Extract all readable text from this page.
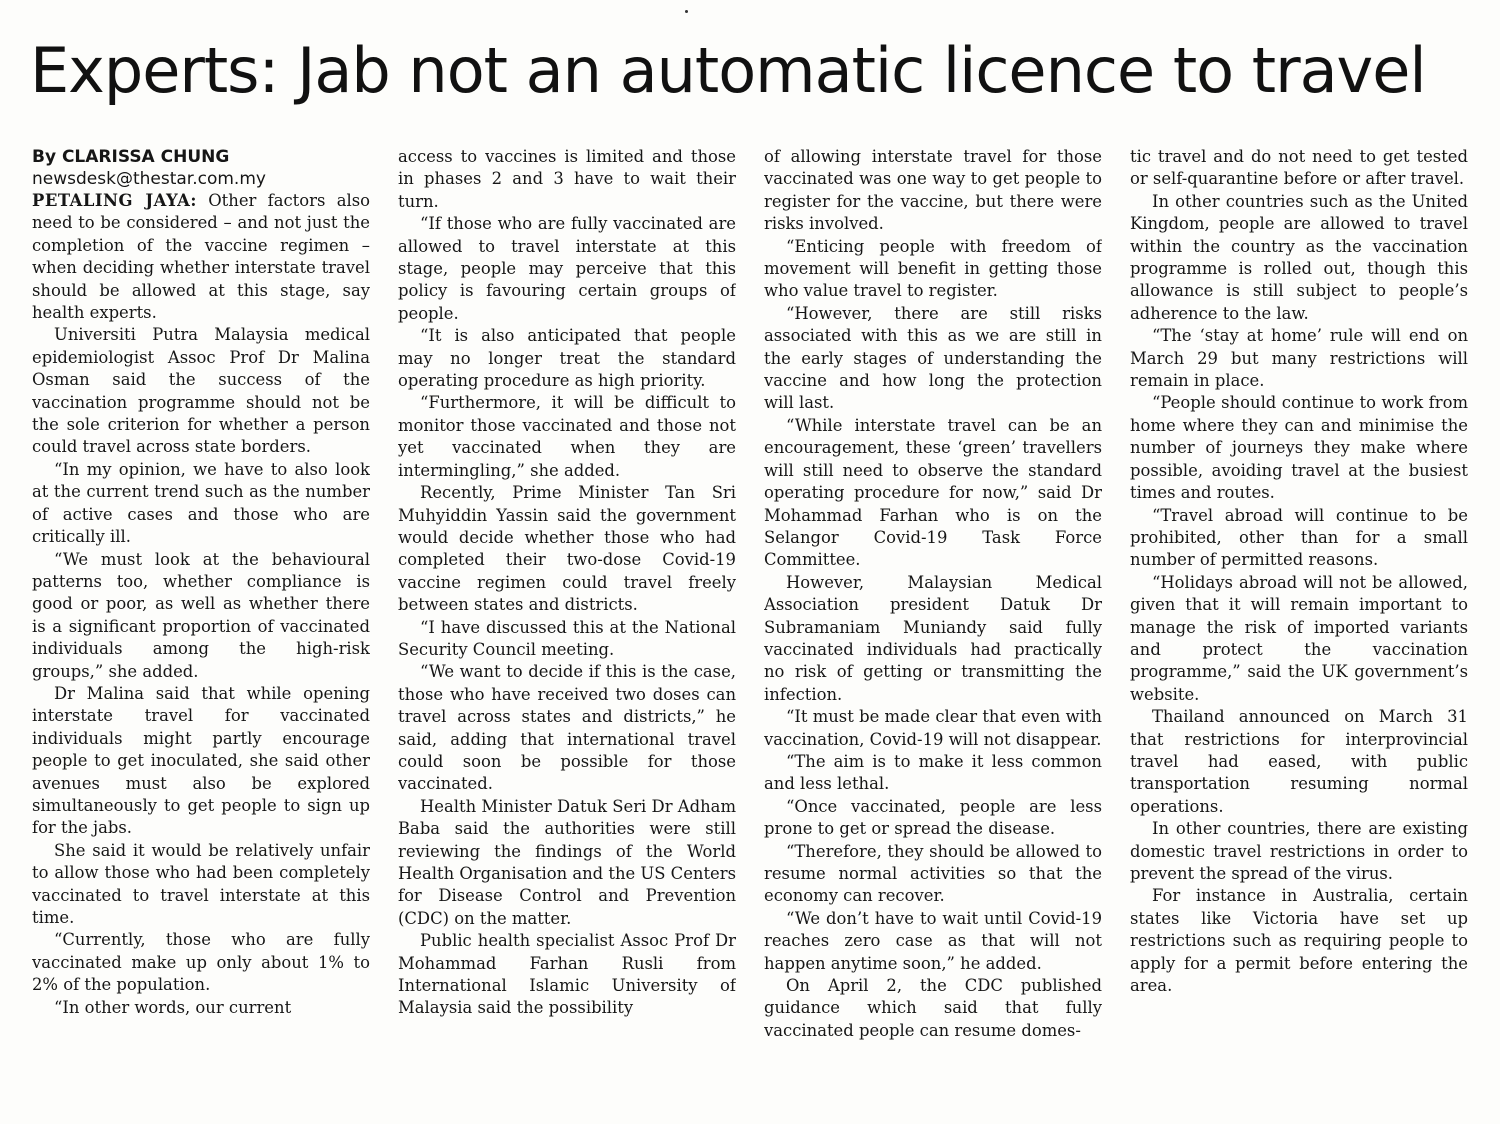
Experts: Jab not an automatic licence to travel
By CLARISSA CHUNG
newsdesk@thestar.com.my

PETALING JAYA: Other factors also need to be considered – and not just the completion of the vaccine regimen – when deciding whether interstate travel should be allowed at this stage, say health experts.

Universiti Putra Malaysia medical epidemiologist Assoc Prof Dr Malina Osman said the success of the vaccination programme should not be the sole criterion for whether a person could travel across state borders.

“In my opinion, we have to also look at the current trend such as the number of active cases and those who are critically ill.

“We must look at the behavioural patterns too, whether compliance is good or poor, as well as whether there is a significant proportion of vaccinated individuals among the high-risk groups,” she added.

Dr Malina said that while opening interstate travel for vaccinated individuals might partly encourage people to get inoculated, she said other avenues must also be explored simultaneously to get people to sign up for the jabs.

She said it would be relatively unfair to allow those who had been completely vaccinated to travel interstate at this time.

“Currently, those who are fully vaccinated make up only about 1% to 2% of the population.

“In other words, our current

access to vaccines is limited and those in phases 2 and 3 have to wait their turn.

“If those who are fully vaccinated are allowed to travel interstate at this stage, people may perceive that this policy is favouring certain groups of people.

“It is also anticipated that people may no longer treat the standard operating procedure as high priority.

“Furthermore, it will be difficult to monitor those vaccinated and those not yet vaccinated when they are intermingling,” she added.

Recently, Prime Minister Tan Sri Muhyiddin Yassin said the government would decide whether those who had completed their two-dose Covid-19 vaccine regimen could travel freely between states and districts.

“I have discussed this at the National Security Council meeting.

“We want to decide if this is the case, those who have received two doses can travel across states and districts,” he said, adding that international travel could soon be possible for those vaccinated.

Health Minister Datuk Seri Dr Adham Baba said the authorities were still reviewing the findings of the World Health Organisation and the US Centers for Disease Control and Prevention (CDC) on the matter.

Public health specialist Assoc Prof Dr Mohammad Farhan Rusli from International Islamic University of Malaysia said the possibility

of allowing interstate travel for those vaccinated was one way to get people to register for the vaccine, but there were risks involved.

“Enticing people with freedom of movement will benefit in getting those who value travel to register.

“However, there are still risks associated with this as we are still in the early stages of understanding the vaccine and how long the protection will last.

“While interstate travel can be an encouragement, these ‘green’ travellers will still need to observe the standard operating procedure for now,” said Dr Mohammad Farhan who is on the Selangor Covid-19 Task Force Committee.

However, Malaysian Medical Association president Datuk Dr Subramaniam Muniandy said fully vaccinated individuals had practically no risk of getting or transmitting the infection.

“It must be made clear that even with vaccination, Covid-19 will not disappear.

“The aim is to make it less common and less lethal.

“Once vaccinated, people are less prone to get or spread the disease.

“Therefore, they should be allowed to resume normal activities so that the economy can recover.

“We don’t have to wait until Covid-19 reaches zero case as that will not happen anytime soon,” he added.

On April 2, the CDC published guidance which said that fully vaccinated people can resume domes-

tic travel and do not need to get tested or self-quarantine before or after travel.

In other countries such as the United Kingdom, people are allowed to travel within the country as the vaccination programme is rolled out, though this allowance is still subject to people’s adherence to the law.

“The ‘stay at home’ rule will end on March 29 but many restrictions will remain in place.

“People should continue to work from home where they can and minimise the number of journeys they make where possible, avoiding travel at the busiest times and routes.

“Travel abroad will continue to be prohibited, other than for a small number of permitted reasons.

“Holidays abroad will not be allowed, given that it will remain important to manage the risk of imported variants and protect the vaccination programme,” said the UK government’s website.

Thailand announced on March 31 that restrictions for interprovincial travel had eased, with public transportation resuming normal operations.

In other countries, there are existing domestic travel restrictions in order to prevent the spread of the virus.

For instance in Australia, certain states like Victoria have set up restrictions such as requiring people to apply for a permit before entering the area.
